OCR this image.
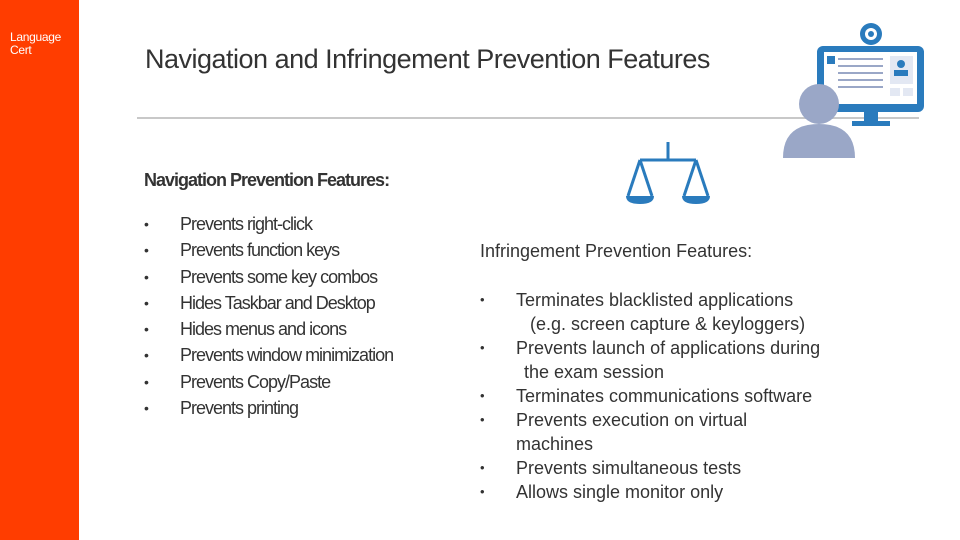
Language
Cert	Navigation and Infringement Prevention Features
Navigation Prevention Features:
• Prevents right-click
• Prevents function keys
• Prevents some key combos
• Hides Taskbar and Desktop
• Hides menus and icons
• Prevents window minimization
• Prevents Copy/Paste
• Prevents printing
Infringement Prevention Features:
• Terminates blacklisted applications
(e.g. screen capture & keyloggers)
• Prevents launch of applications during
the exam session
• Terminates communications software
• Prevents execution on virtual
machines
• Prevents simultaneous tests
• Allows single monitor only
